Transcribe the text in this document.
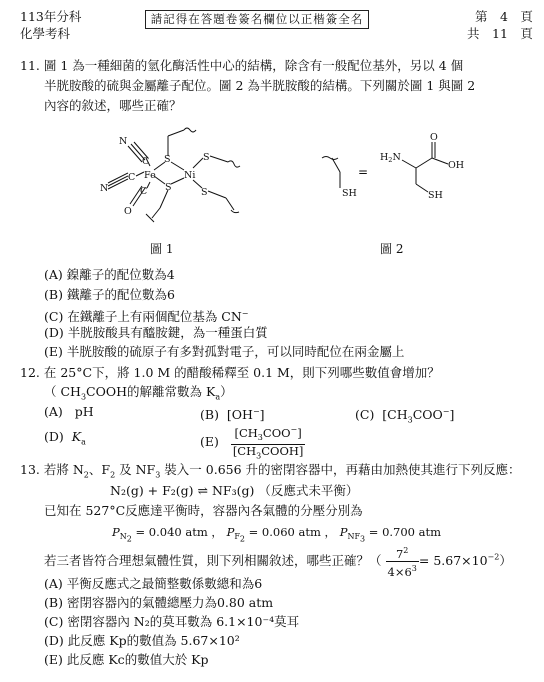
113年分科
化學考科
請記得在答題卷簽名欄位以正楷簽全名	第　4　頁
共　11　頁
11. 圖 1 為一種細菌的氫化酶活性中心的結構，除含有一般配位基外，另以 4 個
半胱胺酸的硫與金屬離子配位。圖 2 為半胱胺酸的結構。下列關於圖 1 與圖 2
內容的敘述，哪些正確？
N
C
N
C Fe
C
O
S
S
Ni
S
S
圖 1
SH
=
$H_2N$
O
OH
SH
圖 2
(A) 鎳離子的配位數為4
(B) 鐵離子的配位數為6
(C) 在鐵離子上有兩個配位基為 CN−
(D) 半胱胺酸具有醯胺鍵，為一種蛋白質
(E) 半胱胺酸的硫原子有多對孤對電子，可以同時配位在兩金屬上
12. 在 25°C下，將 1.0 M 的醋酸稀釋至 0.1 M，則下列哪些數值會增加？
（ $CH_3COOH$的解離常數為 $K_a$）
(A) pH	(B) [OH−]	(C) $[CH_3COO^-]$
(D) $K_a$	$(E) \frac{[CH_3COO^-]}{[CH_3COOH]}$
13. 若將 $N_2$、$F_2$ 及 $NF_3$ 裝入一 0.656 升的密閉容器中，再藉由加熱使其進行下列反應：
N₂(g) + F₂(g) ⇌ NF₃(g) （反應式未平衡）
已知在 527°C反應達平衡時，容器內各氣體的分壓分別為
$P_{N_2} = 0.040$ atm ， $P_{F_2} = 0.060$ atm ， $P_{NF_3} = 0.700$ atm
若三者皆符合理想氣體性質，則下列相關敘述，哪些正確？（ $\frac{7^2}{4\times 6^3} = 5.67\times 10^{-2}$）
(A) 平衡反應式之最簡整數係數總和為6
(B) 密閉容器內的氣體總壓力為0.80 atm
(C) 密閉容器內 N₂的莫耳數為 6.1×10⁻⁴莫耳
(D) 此反應 Kp的數值為 5.67×10²
(E) 此反應 Kc的數值大於 Kp
